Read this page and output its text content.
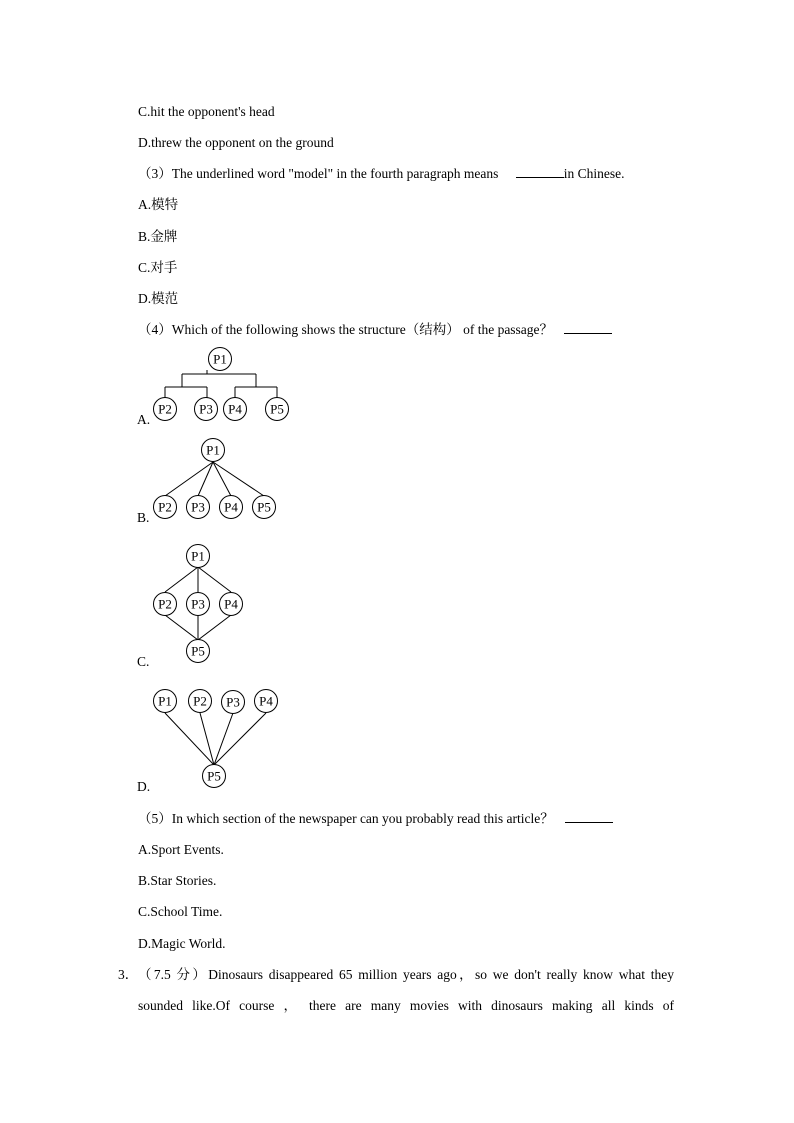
C.hit the opponent's head
D.threw the opponent on the ground
（3）The underlined word "model" in the fourth paragraph means	in Chinese.
A.模特
B.金牌
C.对手
D.模范
（4）Which of the following shows the structure（结构） of the passage？
A.
B.
C.
D.
P1
P2 P3 P4 P5
P1
P2 P3 P4 P5
P1
P2 P3 P4
P5
P1 P2 P3 P4
P5
（5）In which section of the newspaper can you probably read this article？
A.Sport Events.
B.Star Stories.
C.School Time.
D.Magic World.
3． （7.5 分）Dinosaurs disappeared 65 million years ago，so we don't really know what they
sounded like.Of course ， there are many movies with dinosaurs making all kinds of
